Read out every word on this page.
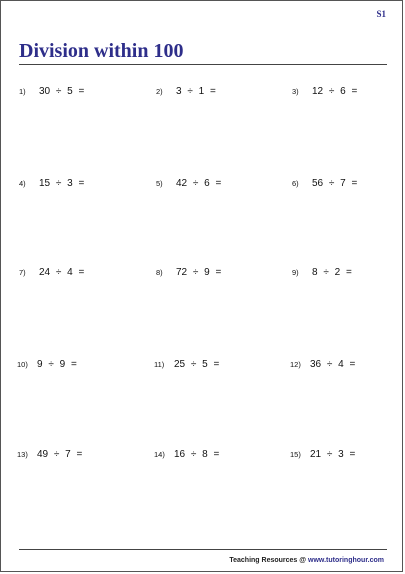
S1
Division within 100
1) 30 ÷ 5 =	2) 3 ÷ 1 =	3) 12 ÷ 6 =
4) 15 ÷ 3 =	5) 42 ÷ 6 =	6) 56 ÷ 7 =
7) 24 ÷ 4 =	8) 72 ÷ 9 =	9) 8 ÷ 2 =
10) 9 ÷ 9 =	11) 25 ÷ 5 =	12) 36 ÷ 4 =
13) 49 ÷ 7 =	14) 16 ÷ 8 =	15) 21 ÷ 3 =
Teaching Resources @ www.tutoringhour.com
